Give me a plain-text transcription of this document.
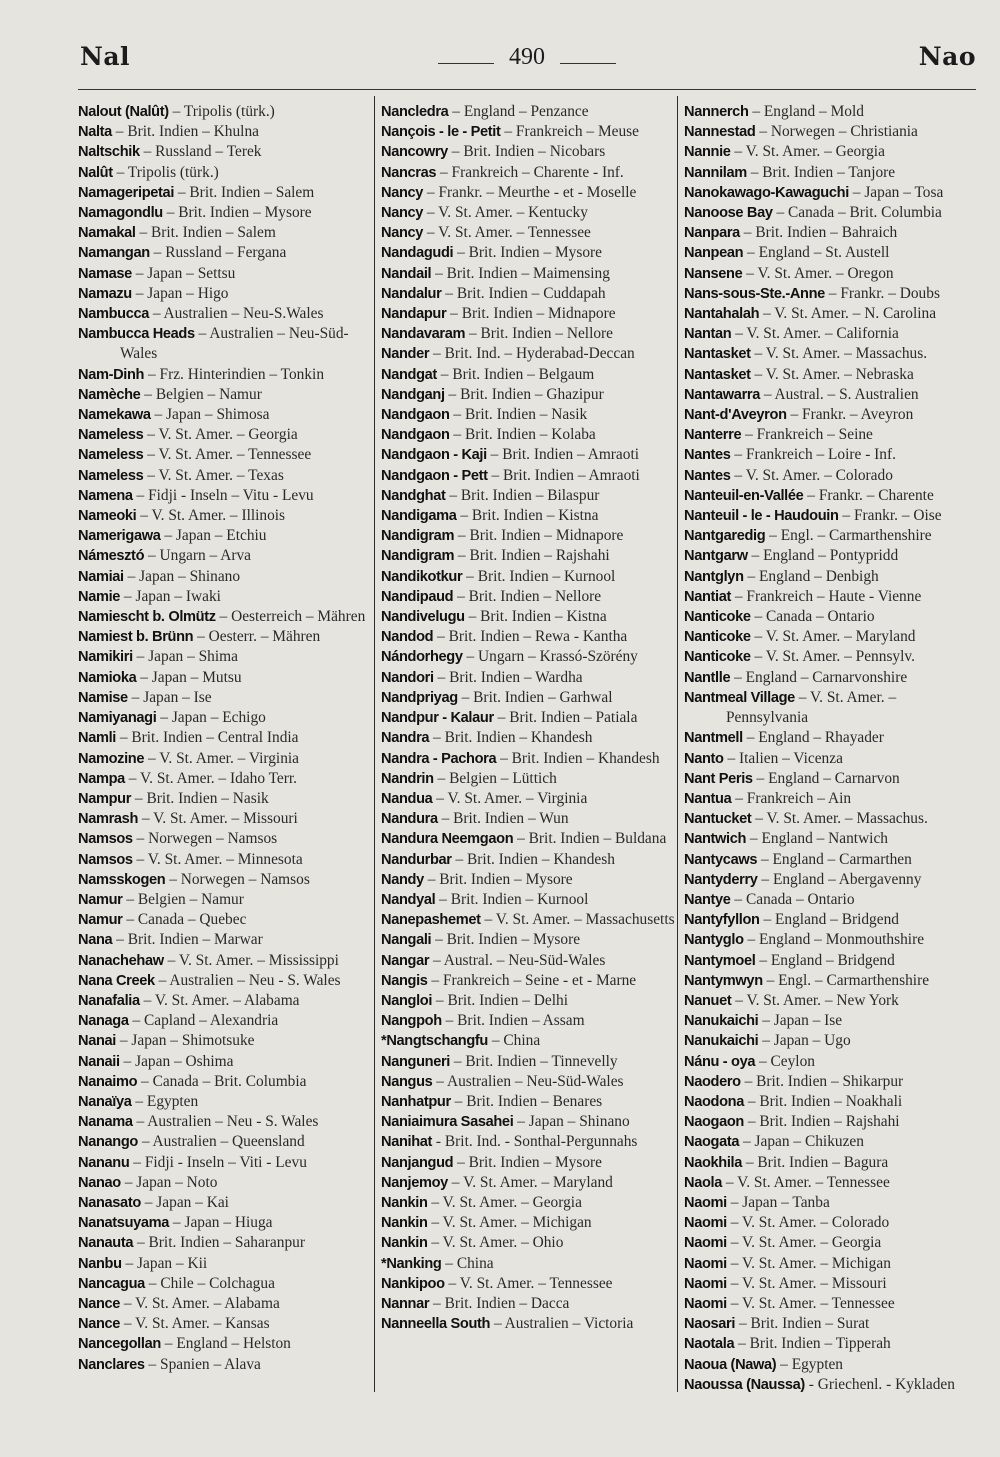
Nal	490	Nao
Nalout (Nalût) – Tripolis (türk.)
Nalta – Brit. Indien – Khulna
Naltschik – Russland – Terek
Nalût – Tripolis (türk.)
Namageripetai – Brit. Indien – Salem
Namagondlu – Brit. Indien – Mysore
Namakal – Brit. Indien – Salem
Namangan – Russland – Fergana
Namase – Japan – Settsu
Namazu – Japan – Higo
Nambucca – Australien – Neu-S.Wales
Nambucca Heads – Australien – Neu-Süd-Wales
Nam-Dinh – Frz. Hinterindien – Tonkin
Namèche – Belgien – Namur
Namekawa – Japan – Shimosa
Nameless – V. St. Amer. – Georgia
Nameless – V. St. Amer. – Tennessee
Nameless – V. St. Amer. – Texas
Namena – Fidji - Inseln – Vitu - Levu
Nameoki – V. St. Amer. – Illinois
Namerigawa – Japan – Etchiu
Námesztó – Ungarn – Arva
Namiai – Japan – Shinano
Namie – Japan – Iwaki
Namiescht b. Olmütz – Oesterreich – Mähren
Namiest b. Brünn – Oesterr. – Mähren
Namikiri – Japan – Shima
Namioka – Japan – Mutsu
Namise – Japan – Ise
Namiyanagi – Japan – Echigo
Namli – Brit. Indien – Central India
Namozine – V. St. Amer. – Virginia
Nampa – V. St. Amer. – Idaho Terr.
Nampur – Brit. Indien – Nasik
Namrash – V. St. Amer. – Missouri
Namsos – Norwegen – Namsos
Namsos – V. St. Amer. – Minnesota
Namsskogen – Norwegen – Namsos
Namur – Belgien – Namur
Namur – Canada – Quebec
Nana – Brit. Indien – Marwar
Nanachehaw – V. St. Amer. – Mississippi
Nana Creek – Australien – Neu - S. Wales
Nanafalia – V. St. Amer. – Alabama
Nanaga – Capland – Alexandria
Nanai – Japan – Shimotsuke
Nanaii – Japan – Oshima
Nanaimo – Canada – Brit. Columbia
Nanaïya – Egypten
Nanama – Australien – Neu - S. Wales
Nanango – Australien – Queensland
Nananu – Fidji - Inseln – Viti - Levu
Nanao – Japan – Noto
Nanasato – Japan – Kai
Nanatsuyama – Japan – Hiuga
Nanauta – Brit. Indien – Saharanpur
Nanbu – Japan – Kii
Nancagua – Chile – Colchagua
Nance – V. St. Amer. – Alabama
Nance – V. St. Amer. – Kansas
Nancegollan – England – Helston
Nanclares – Spanien – Alava
Nancledra – England – Penzance
Nançois - le - Petit – Frankreich – Meuse
Nancowry – Brit. Indien – Nicobars
Nancras – Frankreich – Charente - Inf.
Nancy – Frankr. – Meurthe - et - Moselle
Nancy – V. St. Amer. – Kentucky
Nancy – V. St. Amer. – Tennessee
Nandagudi – Brit. Indien – Mysore
Nandail – Brit. Indien – Maimensing
Nandalur – Brit. Indien – Cuddapah
Nandapur – Brit. Indien – Midnapore
Nandavaram – Brit. Indien – Nellore
Nander – Brit. Ind. – Hyderabad-Deccan
Nandgat – Brit. Indien – Belgaum
Nandganj – Brit. Indien – Ghazipur
Nandgaon – Brit. Indien – Nasik
Nandgaon – Brit. Indien – Kolaba
Nandgaon - Kaji – Brit. Indien – Amraoti
Nandgaon - Pett – Brit. Indien – Amraoti
Nandghat – Brit. Indien – Bilaspur
Nandigama – Brit. Indien – Kistna
Nandigram – Brit. Indien – Midnapore
Nandigram – Brit. Indien – Rajshahi
Nandikotkur – Brit. Indien – Kurnool
Nandipaud – Brit. Indien – Nellore
Nandivelugu – Brit. Indien – Kistna
Nandod – Brit. Indien – Rewa - Kantha
Nándorhegy – Ungarn – Krassó-Szörény
Nandori – Brit. Indien – Wardha
Nandpriyag – Brit. Indien – Garhwal
Nandpur - Kalaur – Brit. Indien – Patiala
Nandra – Brit. Indien – Khandesh
Nandra - Pachora – Brit. Indien – Khandesh
Nandrin – Belgien – Lüttich
Nandua – V. St. Amer. – Virginia
Nandura – Brit. Indien – Wun
Nandura Neemgaon – Brit. Indien – Buldana
Nandurbar – Brit. Indien – Khandesh
Nandy – Brit. Indien – Mysore
Nandyal – Brit. Indien – Kurnool
Nanepashemet – V. St. Amer. – Massachusetts
Nangali – Brit. Indien – Mysore
Nangar – Austral. – Neu-Süd-Wales
Nangis – Frankreich – Seine - et - Marne
Nangloi – Brit. Indien – Delhi
Nangpoh – Brit. Indien – Assam
*Nangtschangfu – China
Nanguneri – Brit. Indien – Tinnevelly
Nangus – Australien – Neu-Süd-Wales
Nanhatpur – Brit. Indien – Benares
Naniaimura Sasahei – Japan – Shinano
Nanihat - Brit. Ind. - Sonthal-Pergunnahs
Nanjangud – Brit. Indien – Mysore
Nanjemoy – V. St. Amer. – Maryland
Nankin – V. St. Amer. – Georgia
Nankin – V. St. Amer. – Michigan
Nankin – V. St. Amer. – Ohio
*Nanking – China
Nankipoo – V. St. Amer. – Tennessee
Nannar – Brit. Indien – Dacca
Nanneella South – Australien – Victoria
Nannerch – England – Mold
Nannestad – Norwegen – Christiania
Nannie – V. St. Amer. – Georgia
Nannilam – Brit. Indien – Tanjore
Nanokawago-Kawaguchi – Japan – Tosa
Nanoose Bay – Canada – Brit. Columbia
Nanpara – Brit. Indien – Bahraich
Nanpean – England – St. Austell
Nansene – V. St. Amer. – Oregon
Nans-sous-Ste.-Anne – Frankr. – Doubs
Nantahalah – V. St. Amer. – N. Carolina
Nantan – V. St. Amer. – California
Nantasket – V. St. Amer. – Massachus.
Nantasket – V. St. Amer. – Nebraska
Nantawarra – Austral. – S. Australien
Nant-d'Aveyron – Frankr. – Aveyron
Nanterre – Frankreich – Seine
Nantes – Frankreich – Loire - Inf.
Nantes – V. St. Amer. – Colorado
Nanteuil-en-Vallée – Frankr. – Charente
Nanteuil - le - Haudouin – Frankr. – Oise
Nantgaredig – Engl. – Carmarthenshire
Nantgarw – England – Pontypridd
Nantglyn – England – Denbigh
Nantiat – Frankreich – Haute - Vienne
Nanticoke – Canada – Ontario
Nanticoke – V. St. Amer. – Maryland
Nanticoke – V. St. Amer. – Pennsylv.
Nantlle – England – Carnarvonshire
Nantmeal Village – V. St. Amer. – Pennsylvania
Nantmell – England – Rhayader
Nanto – Italien – Vicenza
Nant Peris – England – Carnarvon
Nantua – Frankreich – Ain
Nantucket – V. St. Amer. – Massachus.
Nantwich – England – Nantwich
Nantycaws – England – Carmarthen
Nantyderry – England – Abergavenny
Nantye – Canada – Ontario
Nantyfyllon – England – Bridgend
Nantyglo – England – Monmouthshire
Nantymoel – England – Bridgend
Nantymwyn – Engl. – Carmarthenshire
Nanuet – V. St. Amer. – New York
Nanukaichi – Japan – Ise
Nanukaichi – Japan – Ugo
Nánu - oya – Ceylon
Naodero – Brit. Indien – Shikarpur
Naodona – Brit. Indien – Noakhali
Naogaon – Brit. Indien – Rajshahi
Naogata – Japan – Chikuzen
Naokhila – Brit. Indien – Bagura
Naola – V. St. Amer. – Tennessee
Naomi – Japan – Tanba
Naomi – V. St. Amer. – Colorado
Naomi – V. St. Amer. – Georgia
Naomi – V. St. Amer. – Michigan
Naomi – V. St. Amer. – Missouri
Naomi – V. St. Amer. – Tennessee
Naosari – Brit. Indien – Surat
Naotala – Brit. Indien – Tipperah
Naoua (Nawa) – Egypten
Naoussa (Naussa) - Griechenl. - Kykladen
